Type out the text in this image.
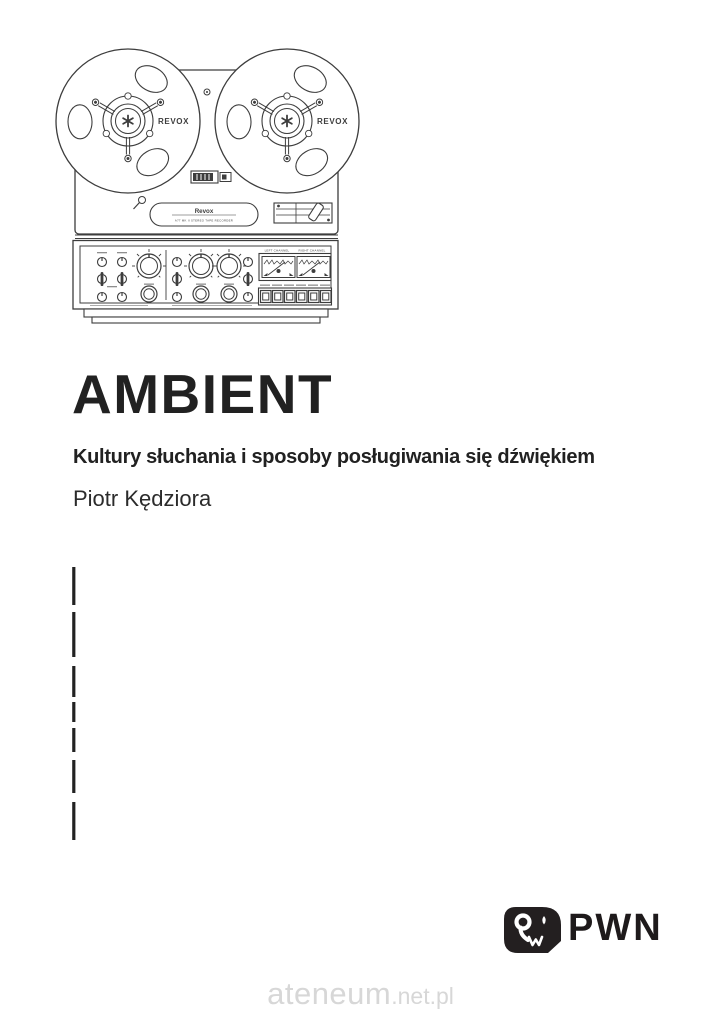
REVOX	REVOX
Revox
A77 MK II STEREO TAPE RECORDER
LEFT CHANNEL	RIGHT CHANNEL
AMBIENT
Kultury słuchania i sposoby posługiwania się dźwiękiem
Piotr Kędziora
PWN
ateneum.net.pl
